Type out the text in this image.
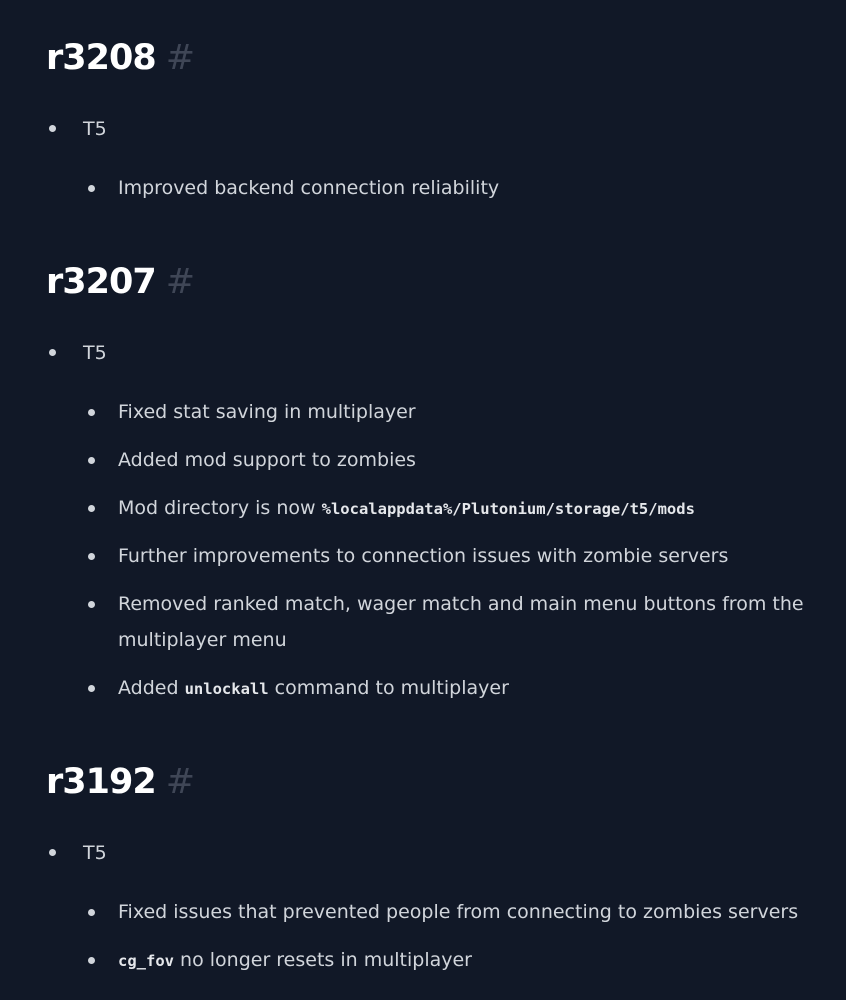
r3208 #
T5
Improved backend connection reliability
r3207 #
T5
Fixed stat saving in multiplayer
Added mod support to zombies
Mod directory is now %localappdata%/Plutonium/storage/t5/mods
Further improvements to connection issues with zombie servers
Removed ranked match, wager match and main menu buttons from the
multiplayer menu
Added unlockall command to multiplayer
r3192 #
T5
Fixed issues that prevented people from connecting to zombies servers
cg_fov no longer resets in multiplayer
